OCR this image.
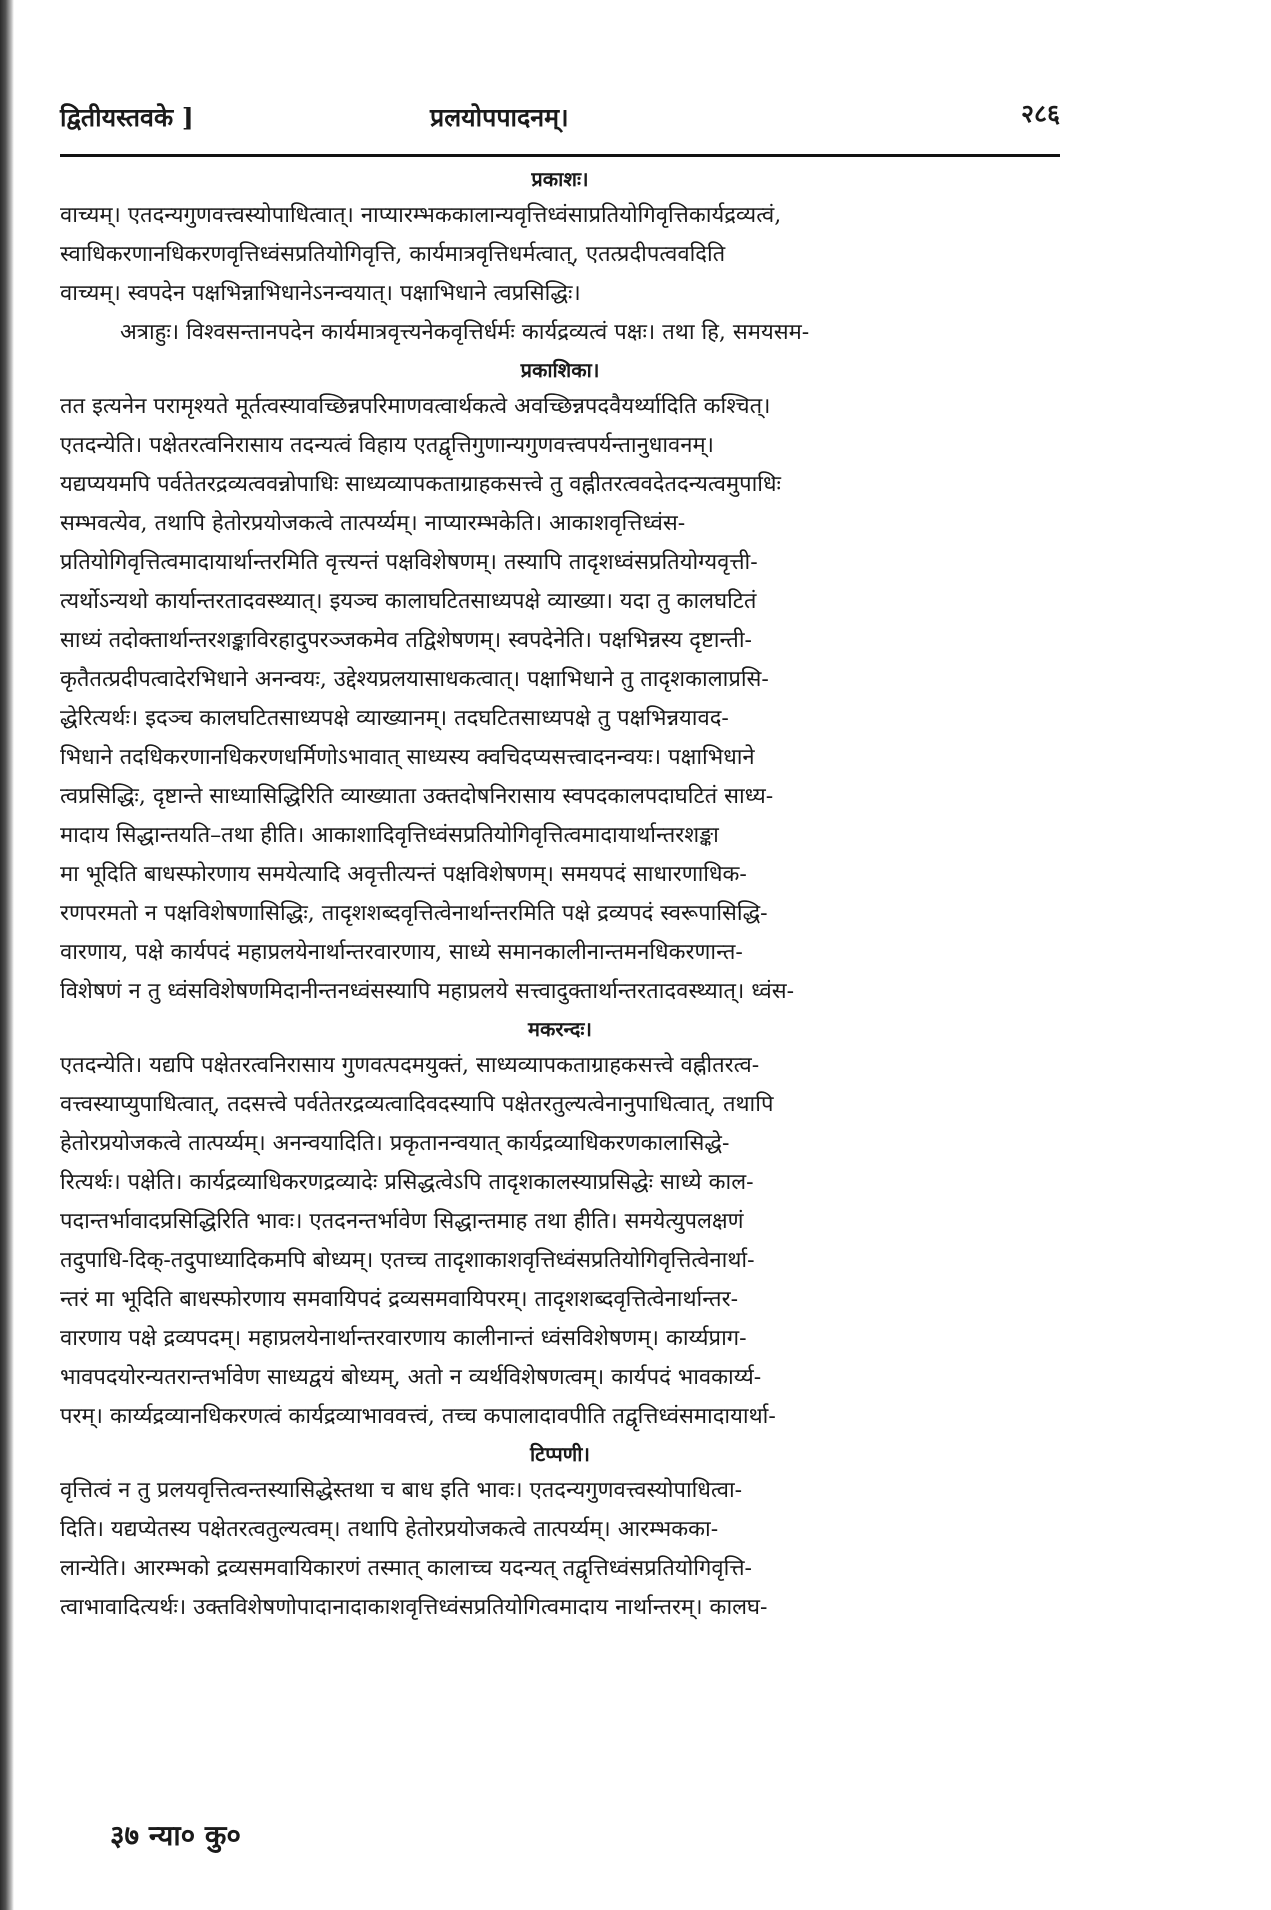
द्वितीयस्तवके ]	प्रलयोपपादनम्।	२८६
प्रकाशः।

वाच्यम्। एतदन्यगुणवत्त्वस्योपाधित्वात्। नाप्यारम्भककालान्यवृत्तिध्वंसाप्रतियोगिवृत्तिकार्यद्रव्यत्वं,

स्वाधिकरणानधिकरणवृत्तिध्वंसप्रतियोगिवृत्ति, कार्यमात्रवृत्तिधर्मत्वात्, एतत्प्रदीपत्ववदिति

वाच्यम्। स्वपदेन पक्षभिन्नाभिधानेऽनन्वयात्। पक्षाभिधाने त्वप्रसिद्धिः।

अत्राहुः। विश्वसन्तानपदेन कार्यमात्रवृत्त्यनेकवृत्तिर्धर्मः कार्यद्रव्यत्वं पक्षः। तथा हि, समयसम-

प्रकाशिका।

तत इत्यनेन परामृश्यते मूर्तत्वस्यावच्छिन्नपरिमाणवत्वार्थकत्वे अवच्छिन्नपदवैयर्थ्यादिति कश्चित्।

एतदन्येति। पक्षेतरत्वनिरासाय तदन्यत्वं विहाय एतद्वृत्तिगुणान्यगुणवत्त्वपर्यन्तानुधावनम्।

यद्यप्ययमपि पर्वतेतरद्रव्यत्ववन्नोपाधिः साध्यव्यापकताग्राहकसत्त्वे तु वह्नीतरत्ववदेतदन्यत्वमुपाधिः

सम्भवत्येव, तथापि हेतोरप्रयोजकत्वे तात्पर्य्यम्। नाप्यारम्भकेति। आकाशवृत्तिध्वंस-

प्रतियोगिवृत्तित्वमादायार्थान्तरमिति वृत्त्यन्तं पक्षविशेषणम्। तस्यापि तादृशध्वंसप्रतियोग्यवृत्ती-

त्यर्थोऽन्यथो कार्यान्तरतादवस्थ्यात्। इयञ्च कालाघटितसाध्यपक्षे व्याख्या। यदा तु कालघटितं

साध्यं तदोक्तार्थान्तरशङ्काविरहादुपरञ्जकमेव तद्विशेषणम्। स्वपदेनेति। पक्षभिन्नस्य दृष्टान्ती-

कृतैतत्प्रदीपत्वादेरभिधाने अनन्वयः, उद्देश्यप्रलयासाधकत्वात्। पक्षाभिधाने तु तादृशकालाप्रसि-

द्धेरित्यर्थः। इदञ्च कालघटितसाध्यपक्षे व्याख्यानम्। तदघटितसाध्यपक्षे तु पक्षभिन्नयावद-

भिधाने तदधिकरणानधिकरणधर्मिणोऽभावात् साध्यस्य क्वचिदप्यसत्त्वादनन्वयः। पक्षाभिधाने

त्वप्रसिद्धिः, दृष्टान्ते साध्यासिद्धिरिति व्याख्याता उक्तदोषनिरासाय स्वपदकालपदाघटितं साध्य-

मादाय सिद्धान्तयति–तथा हीति। आकाशादिवृत्तिध्वंसप्रतियोगिवृत्तित्वमादायार्थान्तरशङ्का

मा भूदिति बाधस्फोरणाय समयेत्यादि अवृत्तीत्यन्तं पक्षविशेषणम्। समयपदं साधारणाधिक-

रणपरमतो न पक्षविशेषणासिद्धिः, तादृशशब्दवृत्तित्वेनार्थान्तरमिति पक्षे द्रव्यपदं स्वरूपासिद्धि-

वारणाय, पक्षे कार्यपदं महाप्रलयेनार्थान्तरवारणाय, साध्ये समानकालीनान्तमनधिकरणान्त-

विशेषणं न तु ध्वंसविशेषणमिदानीन्तनध्वंसस्यापि महाप्रलये सत्त्वादुक्तार्थान्तरतादवस्थ्यात्। ध्वंस-

मकरन्दः।

एतदन्येति। यद्यपि पक्षेतरत्वनिरासाय गुणवत्पदमयुक्तं, साध्यव्यापकताग्राहकसत्त्वे वह्नीतरत्व-

वत्त्वस्याप्युपाधित्वात्, तदसत्त्वे पर्वतेतरद्रव्यत्वादिवदस्यापि पक्षेतरतुल्यत्वेनानुपाधित्वात्, तथापि

हेतोरप्रयोजकत्वे तात्पर्य्यम्। अनन्वयादिति। प्रकृतानन्वयात् कार्यद्रव्याधिकरणकालासिद्धे-

रित्यर्थः। पक्षेति। कार्यद्रव्याधिकरणद्रव्यादेः प्रसिद्धत्वेऽपि तादृशकालस्याप्रसिद्धेः साध्ये काल-

पदान्तर्भावादप्रसिद्धिरिति भावः। एतदनन्तर्भावेण सिद्धान्तमाह तथा हीति। समयेत्युपलक्षणं

तदुपाधि-दिक्-तदुपाध्यादिकमपि बोध्यम्। एतच्च तादृशाकाशवृत्तिध्वंसप्रतियोगिवृत्तित्वेनार्था-

न्तरं मा भूदिति बाधस्फोरणाय समवायिपदं द्रव्यसमवायिपरम्। तादृशशब्दवृत्तित्वेनार्थान्तर-

वारणाय पक्षे द्रव्यपदम्। महाप्रलयेनार्थान्तरवारणाय कालीनान्तं ध्वंसविशेषणम्। कार्य्यप्राग-

भावपदयोरन्यतरान्तर्भावेण साध्यद्वयं बोध्यम्, अतो न व्यर्थविशेषणत्वम्। कार्यपदं भावकार्य्य-

परम्। कार्य्यद्रव्यानधिकरणत्वं कार्यद्रव्याभाववत्त्वं, तच्च कपालादावपीति तद्वृत्तिध्वंसमादायार्था-

टिप्पणी।

वृत्तित्वं न तु प्रलयवृत्तित्वन्तस्यासिद्धेस्तथा च बाध इति भावः। एतदन्यगुणवत्त्वस्योपाधित्वा-

दिति। यद्यप्येतस्य पक्षेतरत्वतुल्यत्वम्। तथापि हेतोरप्रयोजकत्वे तात्पर्य्यम्। आरम्भकका-

लान्येति। आरम्भको द्रव्यसमवायिकारणं तस्मात् कालाच्च यदन्यत् तद्वृत्तिध्वंसप्रतियोगिवृत्ति-

त्वाभावादित्यर्थः। उक्तविशेषणोपादानादाकाशवृत्तिध्वंसप्रतियोगित्वमादाय नार्थान्तरम्। कालघ-

३७ न्या० कु०
